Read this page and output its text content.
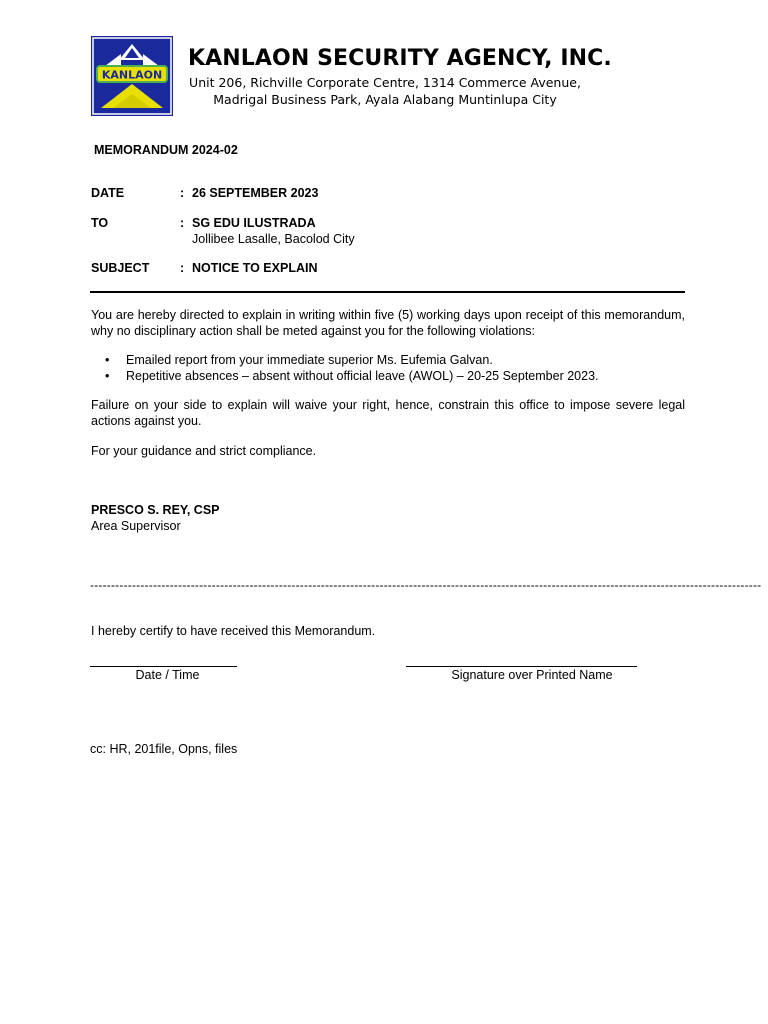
KANLAON
KANLAON SECURITY AGENCY, INC.
Unit 206, Richville Corporate Centre, 1314 Commerce Avenue,
Madrigal Business Park, Ayala Alabang Muntinlupa City
MEMORANDUM 2024-02
DATE	: 26 SEPTEMBER 2023
TO	: SG EDU ILUSTRADA
Jollibee Lasalle, Bacolod City
SUBJECT : NOTICE TO EXPLAIN
You are hereby directed to explain in writing within five (5) working days upon receipt of this memorandum, why no disciplinary action shall be meted against you for the following violations:
• Emailed report from your immediate superior Ms. Eufemia Galvan.
• Repetitive absences – absent without official leave (AWOL) – 20-25 September 2023.
Failure on your side to explain will waive your right, hence, constrain this office to impose severe legal actions against you.
For your guidance and strict compliance.
PRESCO S. REY, CSP
Area Supervisor
----------------------------------------------------------------------------------------------------------------------------------------------------------------
I hereby certify to have received this Memorandum.
Date / Time	Signature over Printed Name
cc: HR, 201file, Opns, files
